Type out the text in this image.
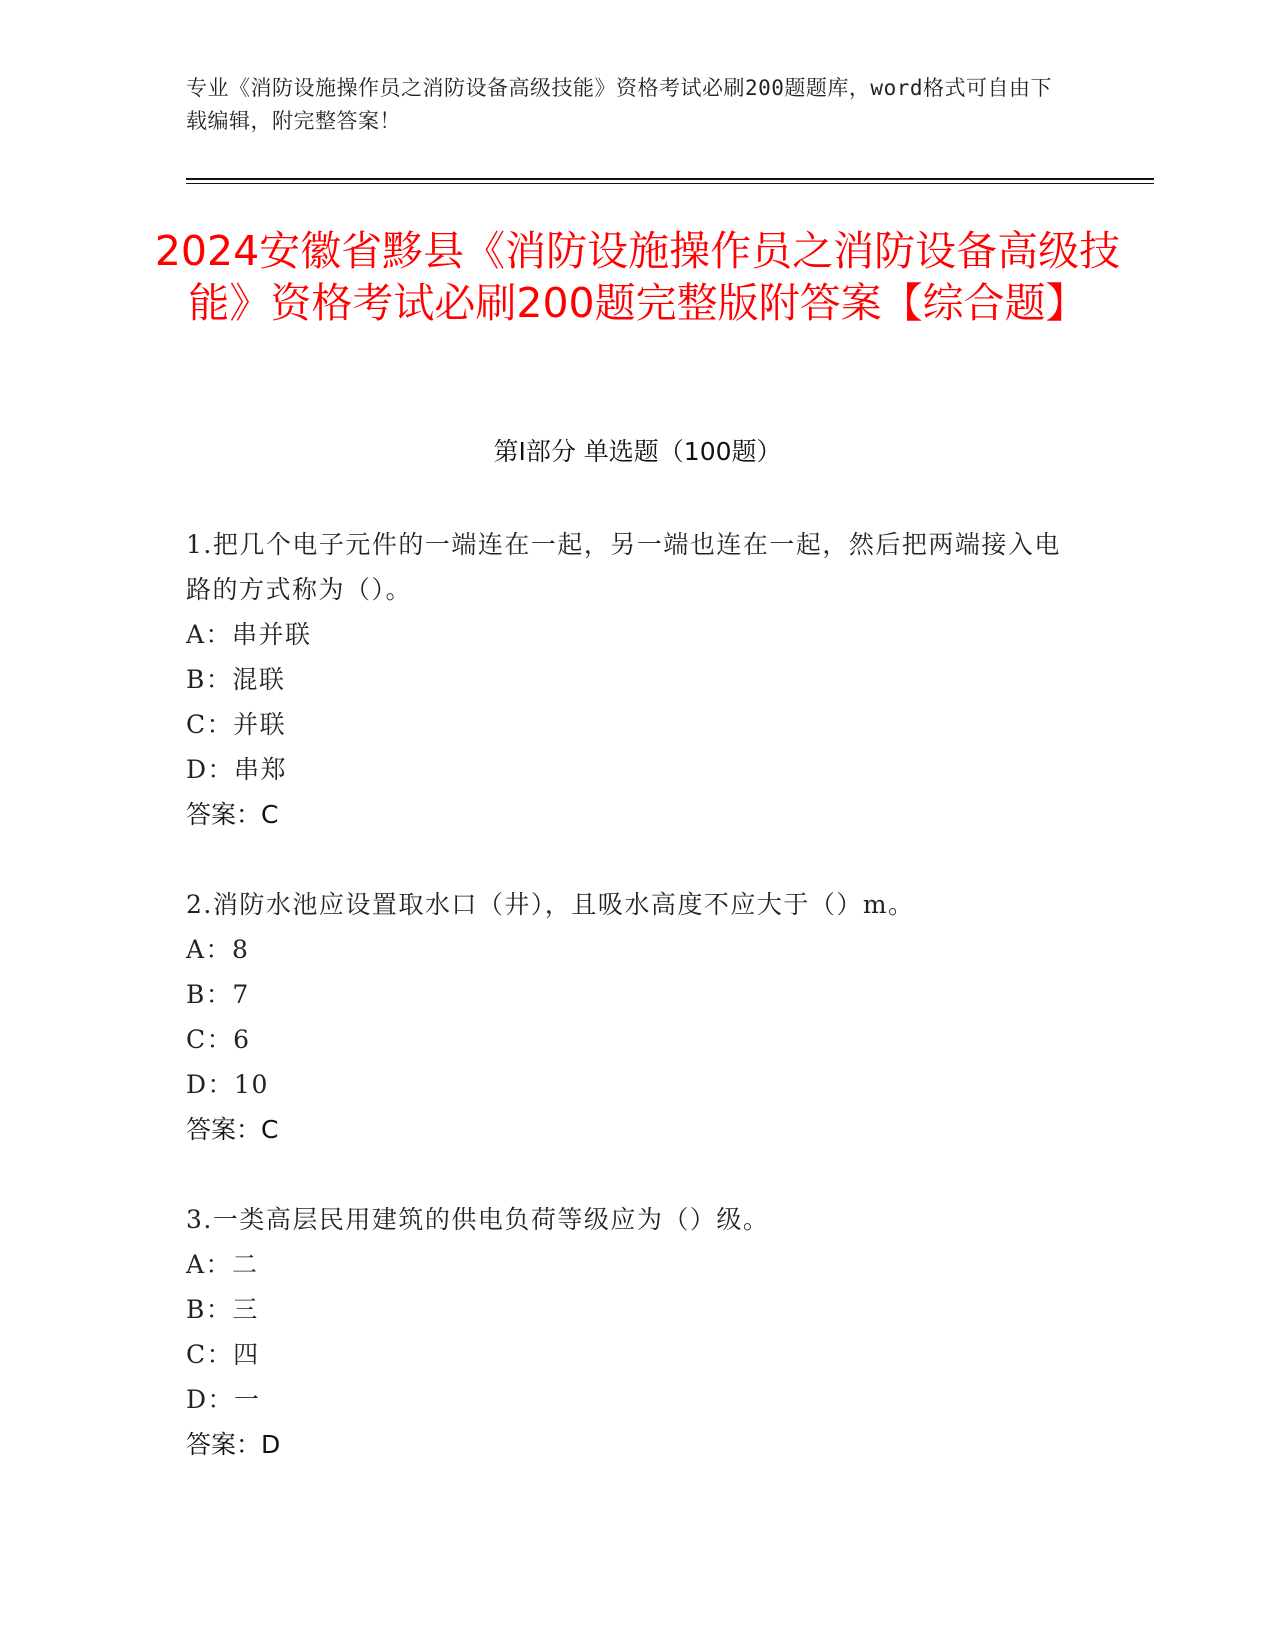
专业《消防设施操作员之消防设备高级技能》资格考试必刷200题题库，word格式可自由下载编辑，附完整答案！
2024安徽省黟县《消防设施操作员之消防设备高级技能》资格考试必刷200题完整版附答案【综合题】
第I部分 单选题（100题）
1.把几个电子元件的一端连在一起，另一端也连在一起，然后把两端接入电路的方式称为（）。
A：串并联
B：混联
C：并联
D：串郑
答案：C
2.消防水池应设置取水口（井），且吸水高度不应大于（）m。
A：8
B：7
C：6
D：10
答案：C
3.一类高层民用建筑的供电负荷等级应为（）级。
A：二
B：三
C：四
D：一
答案：D
